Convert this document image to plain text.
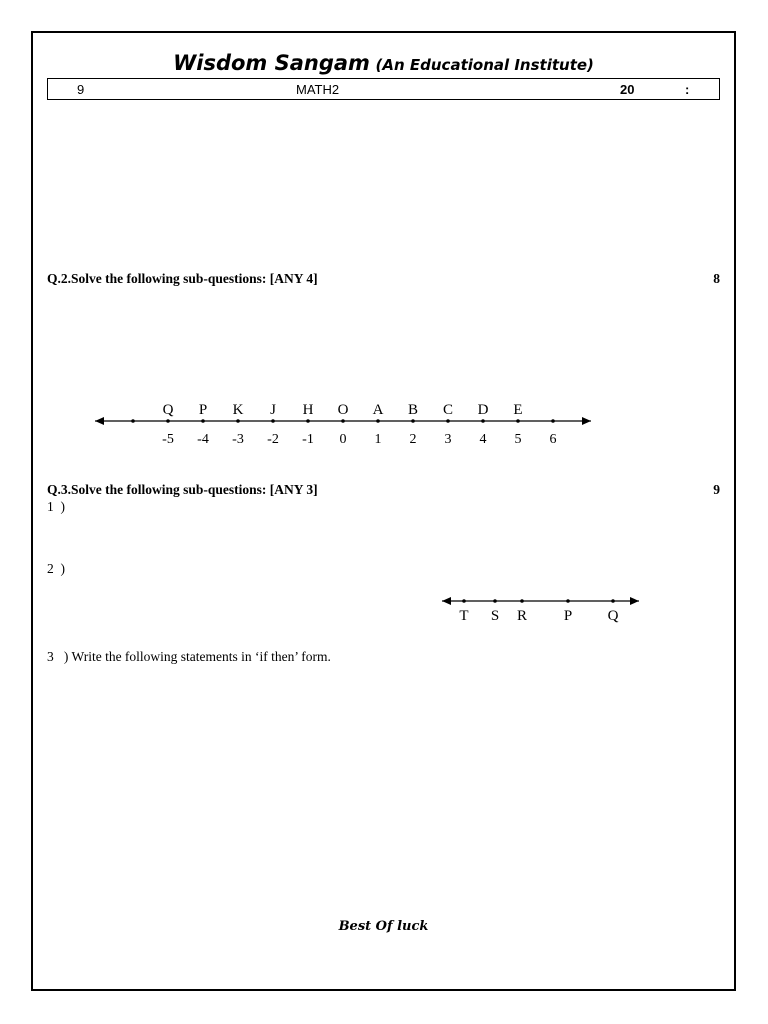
Wisdom Sangam (An Educational Institute)
9	MATH2	20	:
Q.2.Solve the following sub-questions: [ANY 4]	8
-5 -4 -3 -2 -1 0 1 2 3 4 5 6
Q P K J H O A B C D E
Q.3.Solve the following sub-questions: [ANY 3]	9
1 )
2 )
T S R P Q
3 ) Write the following statements in ‘if then’ form.
Best Of luck
